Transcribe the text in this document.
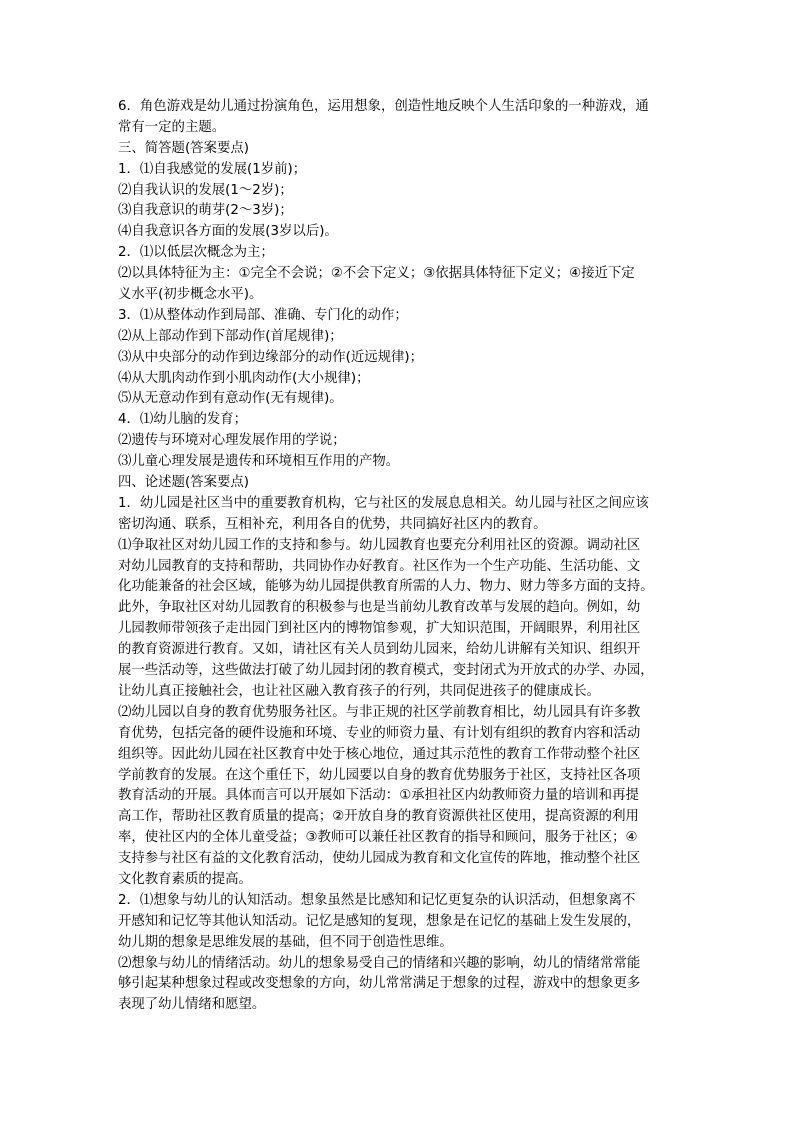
6．角色游戏是幼儿通过扮演角色，运用想象，创造性地反映个人生活印象的一种游戏，通
常有一定的主题。
三、简答题(答案要点)
1．⑴自我感觉的发展(1岁前)；
⑵自我认识的发展(1～2岁)；
⑶自我意识的萌芽(2～3岁)；
⑷自我意识各方面的发展(3岁以后)。
2．⑴以低层次概念为主；
⑵以具体特征为主：①完全不会说；②不会下定义；③依据具体特征下定义；④接近下定
义水平(初步概念水平)。
3．⑴从整体动作到局部、准确、专门化的动作；
⑵从上部动作到下部动作(首尾规律)；
⑶从中央部分的动作到边缘部分的动作(近远规律)；
⑷从大肌肉动作到小肌肉动作(大小规律)；
⑸从无意动作到有意动作(无有规律)。
4．⑴幼儿脑的发育；
⑵遗传与环境对心理发展作用的学说；
⑶儿童心理发展是遗传和环境相互作用的产物。
四、论述题(答案要点)
1．幼儿园是社区当中的重要教育机构，它与社区的发展息息相关。幼儿园与社区之间应该
密切沟通、联系，互相补充，利用各自的优势，共同搞好社区内的教育。
⑴争取社区对幼儿园工作的支持和参与。幼儿园教育也要充分利用社区的资源。调动社区
对幼儿园教育的支持和帮助，共同协作办好教育。社区作为一个生产功能、生活功能、文
化功能兼备的社会区域，能够为幼儿园提供教育所需的人力、物力、财力等多方面的支持。
此外，争取社区对幼儿园教育的积极参与也是当前幼儿教育改革与发展的趋向。例如，幼
儿园教师带领孩子走出园门到社区内的博物馆参观，扩大知识范围，开阔眼界，利用社区
的教育资源进行教育。又如，请社区有关人员到幼儿园来，给幼儿讲解有关知识、组织开
展一些活动等，这些做法打破了幼儿园封闭的教育模式，变封闭式为开放式的办学、办园，
让幼儿真正接触社会，也让社区融入教育孩子的行列，共同促进孩子的健康成长。
⑵幼儿园以自身的教育优势服务社区。与非正规的社区学前教育相比，幼儿园具有许多教
育优势，包括完备的硬件设施和环境、专业的师资力量、有计划有组织的教育内容和活动
组织等。因此幼儿园在社区教育中处于核心地位，通过其示范性的教育工作带动整个社区
学前教育的发展。在这个重任下，幼儿园要以自身的教育优势服务于社区，支持社区各项
教育活动的开展。具体而言可以开展如下活动：①承担社区内幼教师资力量的培训和再提
高工作，帮助社区教育质量的提高；②开放自身的教育资源供社区使用，提高资源的利用
率，使社区内的全体儿童受益；③教师可以兼任社区教育的指导和顾问，服务于社区；④
支持参与社区有益的文化教育活动，使幼儿园成为教育和文化宣传的阵地，推动整个社区
文化教育素质的提高。
2．⑴想象与幼儿的认知活动。想象虽然是比感知和记忆更复杂的认识活动，但想象离不
开感知和记忆等其他认知活动。记忆是感知的复现，想象是在记忆的基础上发生发展的，
幼儿期的想象是思维发展的基础，但不同于创造性思维。
⑵想象与幼儿的情绪活动。幼儿的想象易受自己的情绪和兴趣的影响，幼儿的情绪常常能
够引起某种想象过程或改变想象的方向，幼儿常常满足于想象的过程，游戏中的想象更多
表现了幼儿情绪和愿望。
